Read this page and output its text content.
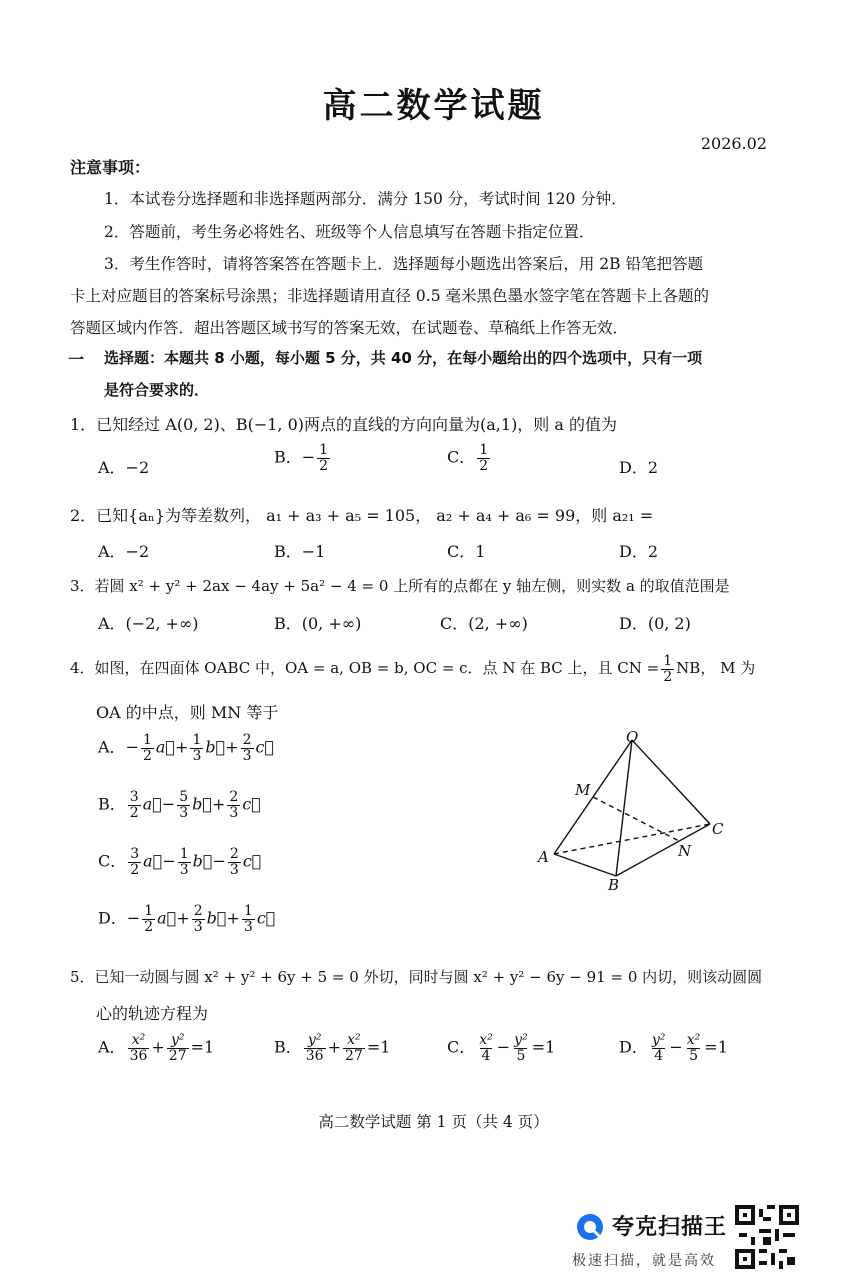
高二数学试题
2026.02
注意事项：
1．本试卷分选择题和非选择题两部分．满分 150 分，考试时间 120 分钟．
2．答题前，考生务必将姓名、班级等个人信息填写在答题卡指定位置．
3．考生作答时，请将答案答在答题卡上．选择题每小题选出答案后，用 2B 铅笔把答题
卡上对应题目的答案标号涂黑；非选择题请用直径 0.5 毫米黑色墨水签字笔在答题卡上各题的
答题区域内作答．超出答题区域书写的答案无效，在试题卷、草稿纸上作答无效．
一 选择题：本题共 8 小题，每小题 5 分，共 40 分，在每小题给出的四个选项中，只有一项
是符合要求的．
1．已知经过 A(0, 2)、B(−1, 0)两点的直线的方向向量为(a,1)，则 a 的值为
A．−2
B．− $\frac{1}{2}$	C． $\frac{1}{2}$	D．2
2．已知{aₙ}为等差数列， a₁ + a₃ + a₅ = 105， a₂ + a₄ + a₆ = 99，则 a₂₁ =
A．−2	B．−1	C．1	D．2
3．若圆 x² + y² + 2ax − 4ay + 5a² − 4 = 0 上所有的点都在 y 轴左侧，则实数 a 的取值范围是
A．(−2, +∞)	B．(0, +∞)	C．(2, +∞)	D．(0, 2)
4．如图，在四面体 OABC 中，OA = a, OB = b, OC = c．点 N 在 BC 上，且 CN = $\frac{1}{2}$ NB， M 为
OA 的中点，则 MN 等于
A．− $\frac{1}{2}$ a⃗+ $\frac{1}{3}$ b⃗+ $\frac{2}{3}$ c⃗
B． $\frac{3}{2}$ a⃗− $\frac{5}{3}$ b⃗+ $\frac{2}{3}$ c⃗
C． $\frac{3}{2}$ a⃗− $\frac{1}{3}$ b⃗− $\frac{2}{3}$ c⃗
D．− $\frac{1}{2}$ a⃗+ $\frac{2}{3}$ b⃗+ $\frac{1}{3}$ c⃗
O
M
A
B
C
N
5．已知一动圆与圆 x² + y² + 6y + 5 = 0 外切，同时与圆 x² + y² − 6y − 91 = 0 内切，则该动圆圆
心的轨迹方程为
A． $\frac{\text{x²}}{36} + \frac{\text{y²}}{27} =1$	B． $\frac{\text{y²}}{36} + \frac{\text{x²}}{27} =1$	C． $\frac{\text{x²}}{4} - \frac{\text{y²}}{5} =1$	D． $\frac{\text{y²}}{4} - \frac{\text{x²}}{5} =1$
高二数学试题 第 1 页（共 4 页）
夸克扫描王
极速扫描，就是高效
